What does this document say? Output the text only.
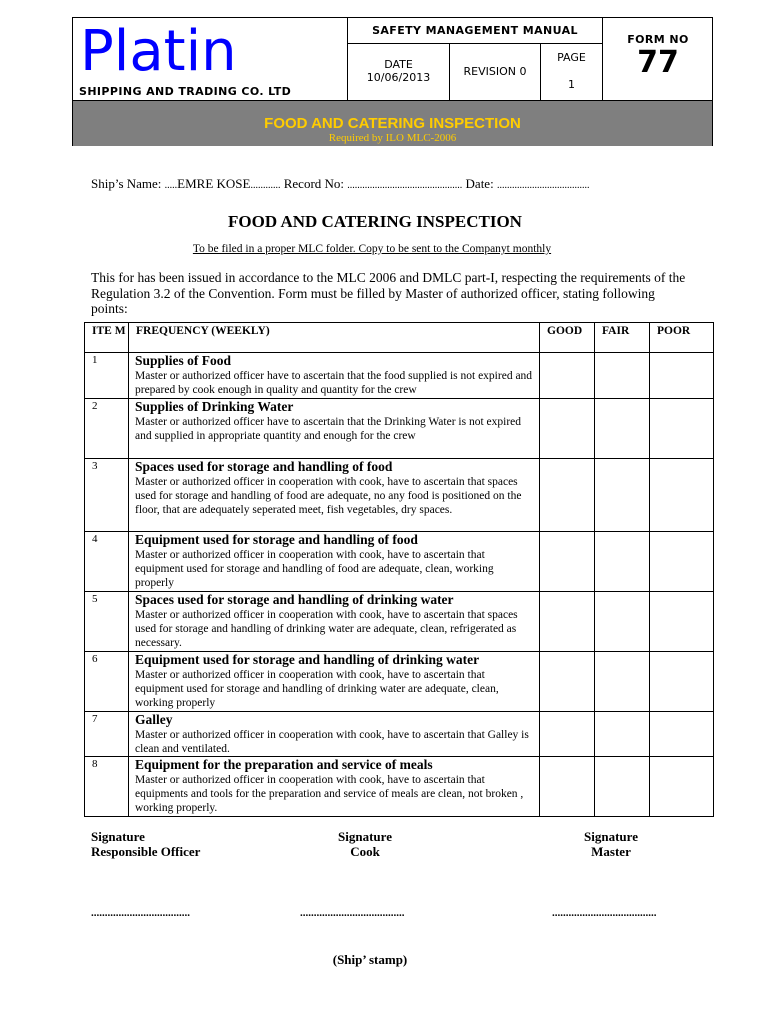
Platin
SHIPPING AND TRADING CO. LTD
SAFETY MANAGEMENT MANUAL
DATE
10/06/2013	REVISION 0
PAGE
1
FORM NO
77
FOOD AND CATERING INSPECTION
Required by ILO MLC-2006
Ship’s Name: .....EMRE KOSE............ Record No: .............................................. Date: .....................................
FOOD AND CATERING INSPECTION
To be filed in a proper MLC folder. Copy to be sent to the Companyt monthly
This for has been issued in accordance to the MLC 2006 and DMLC part-I, respecting the requirements of the Regulation 3.2 of the Convention. Form must be filled by Master of authorized officer, stating following points:
ITE M	FREQUENCY (WEEKLY)	GOOD	FAIR	POOR
1	Supplies of Food
Master or authorized officer have to ascertain that the food supplied is not expired and prepared by cook enough in quality and quantity for the crew			

2	Supplies of Drinking Water
Master or authorized officer have to ascertain that the Drinking Water is not expired and supplied in appropriate quantity and enough for the crew			

3	Spaces used for storage and handling of food
Master or authorized officer in cooperation with cook, have to ascertain that spaces used for storage and handling of food are adequate, no any food is positioned on the floor, that are adequately seperated meet, fish vegetables, dry spaces.			

4	Equipment used for storage and handling of food
Master or authorized officer in cooperation with cook, have to ascertain that equipment used for storage and handling of food are adequate, clean, working properly			

5	Spaces used for storage and handling of drinking water
Master or authorized officer in cooperation with cook, have to ascertain that spaces used for storage and handling of drinking water are adequate, clean, refrigerated as necessary.			

6	Equipment used for storage and handling of drinking water
Master or authorized officer in cooperation with cook, have to ascertain that equipment used for storage and handling of drinking water are adequate, clean, working properly			

7	Galley
Master or authorized officer in cooperation with cook, have to ascertain that Galley is clean and ventilated.			

8	Equipment for the preparation and service of meals
Master or authorized officer in cooperation with cook, have to ascertain that equipments and tools for the preparation and service of meals are clean, not broken , working properly.			

Signature
Responsible Officer
Signature
Cook
Signature
Master
....................................	......................................	......................................
(Ship’ stamp)
